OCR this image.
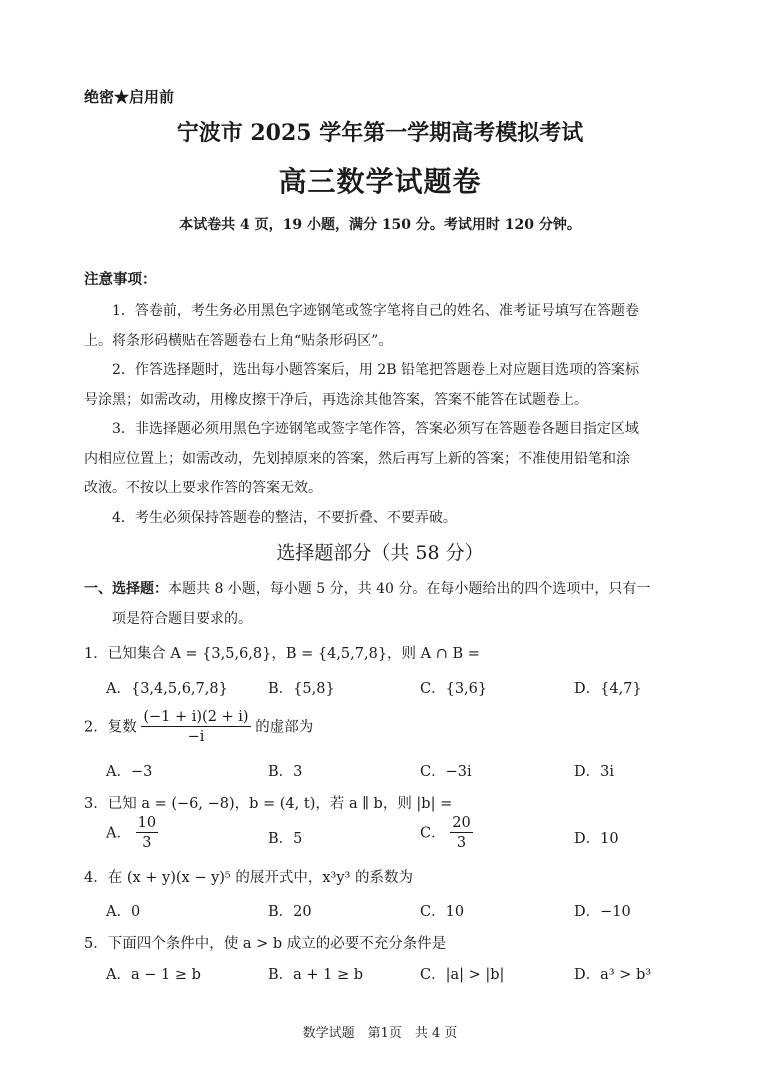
绝密★启用前
宁波市 2025 学年第一学期高考模拟考试
高三数学试题卷
本试卷共 4 页，19 小题，满分 150 分。考试用时 120 分钟。
注意事项：
1．答卷前，考生务必用黑色字迹钢笔或签字笔将自己的姓名、准考证号填写在答题卷
上。将条形码横贴在答题卷右上角“贴条形码区”。
2．作答选择题时，选出每小题答案后，用 2B 铅笔把答题卷上对应题目选项的答案标
号涂黑；如需改动，用橡皮擦干净后，再选涂其他答案，答案不能答在试题卷上。
3．非选择题必须用黑色字迹钢笔或签字笔作答，答案必须写在答题卷各题目指定区域
内相应位置上；如需改动，先划掉原来的答案，然后再写上新的答案；不准使用铅笔和涂
改液。不按以上要求作答的答案无效。
4．考生必须保持答题卷的整洁，不要折叠、不要弄破。
选择题部分（共 58 分）
一、选择题：本题共 8 小题，每小题 5 分，共 40 分。在每小题给出的四个选项中，只有一
项是符合题目要求的。
1．已知集合 A = {3,5,6,8}，B = {4,5,7,8}，则 A ∩ B =
A．{3,4,5,6,7,8}	B．{5,8}	C．{3,6}	D．{4,7}
2．复数 $\frac{(-1 + i)(2 + i)}{-i}$ 的虚部为
A．−3	B．3	C．−3i	D．3i
3．已知 a = (−6, −8)，b = (4, t)，若 a ∥ b，则 |b| =
A． $\frac{10}{3}$	B．5	C． $\frac{20}{3}$	D．10
4．在 (x + y)(x − y)⁵ 的展开式中，x³y³ 的系数为
A．0	B．20	C．10	D．−10
5．下面四个条件中，使 a > b 成立的必要不充分条件是
A．a − 1 ≥ b	B．a + 1 ≥ b	C．|a| > |b|	D．a³ > b³
数学试题　第1页　共 4 页
